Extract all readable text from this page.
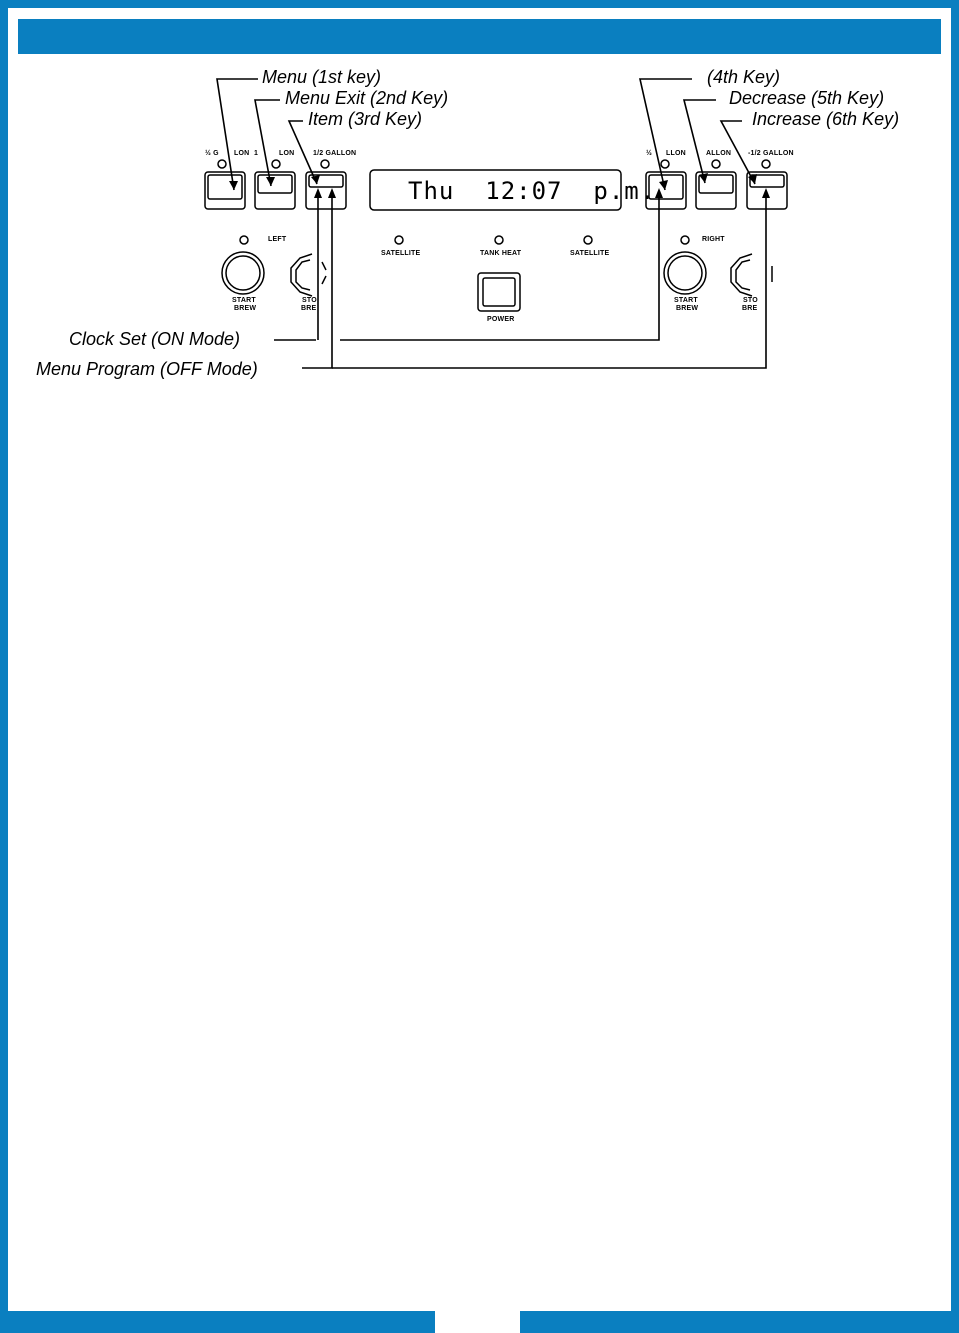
Menu (1st key)
Menu Exit (2nd Key)
Item (3rd Key)
(4th Key)
Decrease (5th Key)
Increase (6th Key)
Clock Set (ON Mode)
Menu Program (OFF Mode)
½ G LON 1	LON	1/2 GALLON	½ LLON	ALLON -1/2 GALLON
LEFT	RIGHT
SATELLITE	TANK HEAT	SATELLITE
POWER
START
BREW
STO
BRE
START
BREW
STO
BRE
Thu  12:07  p.m.
